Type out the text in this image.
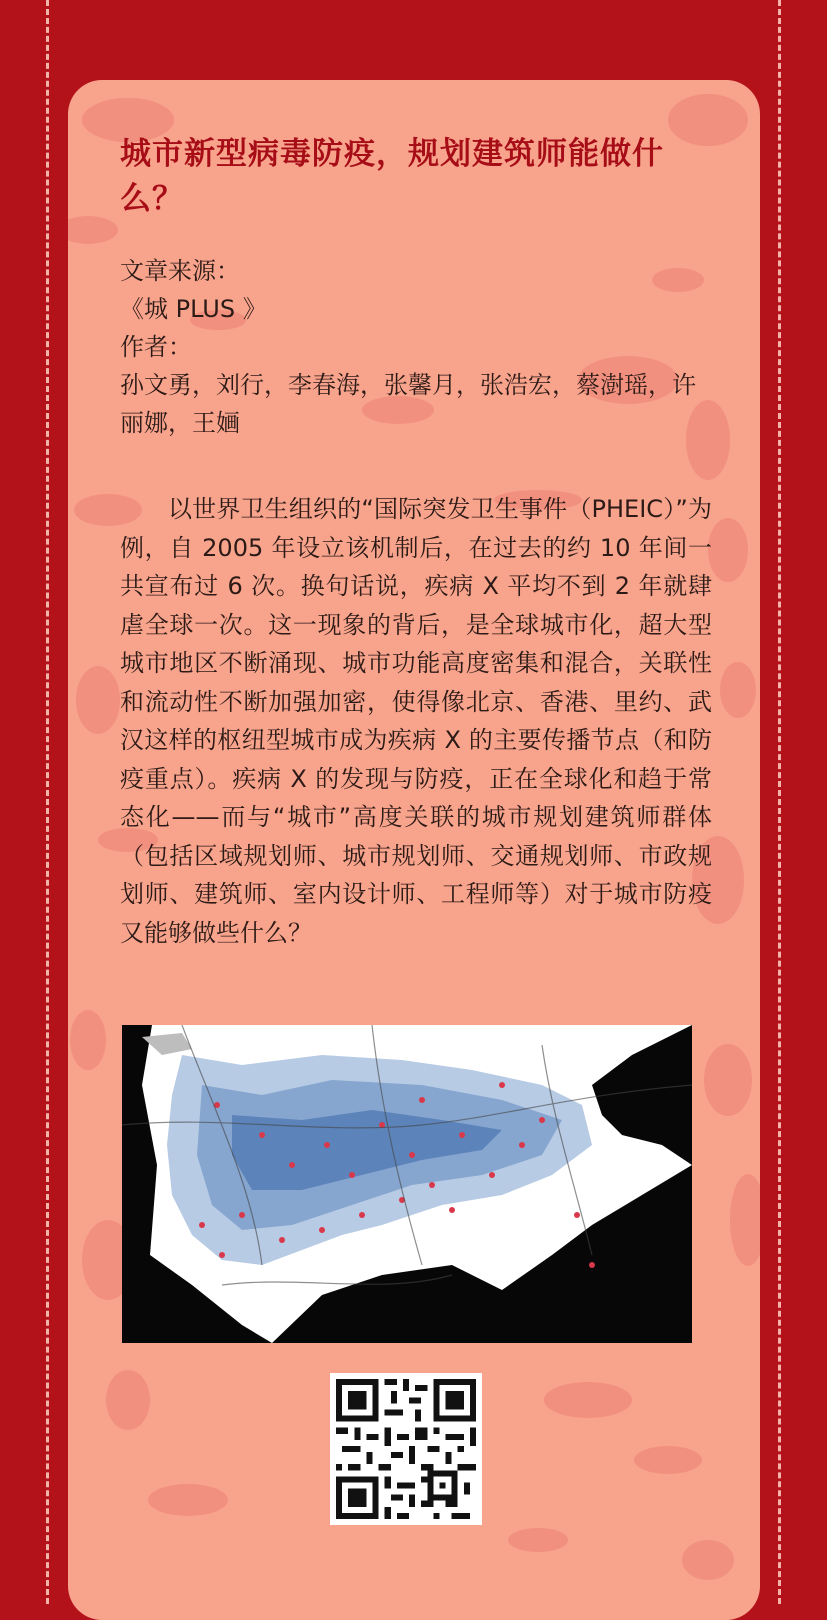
城市新型病毒防疫，规划建筑师能做什么？
文章来源：
《城 PLUS 》
作者：
孙文勇，刘行，李春海，张馨月，张浩宏，蔡澍瑶，许丽娜，王婳

以世界卫生组织的“国际突发卫生事件（PHEIC）”为例，自 2005 年设立该机制后，在过去的约 10 年间一共宣布过 6 次。换句话说，疾病 X 平均不到 2 年就肆虐全球一次。这一现象的背后，是全球城市化，超大型城市地区不断涌现、城市功能高度密集和混合，关联性和流动性不断加强加密，使得像北京、香港、里约、武汉这样的枢纽型城市成为疾病 X 的主要传播节点（和防疫重点）。疾病 X 的发现与防疫，正在全球化和趋于常态化——而与“城市”高度关联的城市规划建筑师群体（包括区域规划师、城市规划师、交通规划师、市政规划师、建筑师、室内设计师、工程师等）对于城市防疫又能够做些什么？
